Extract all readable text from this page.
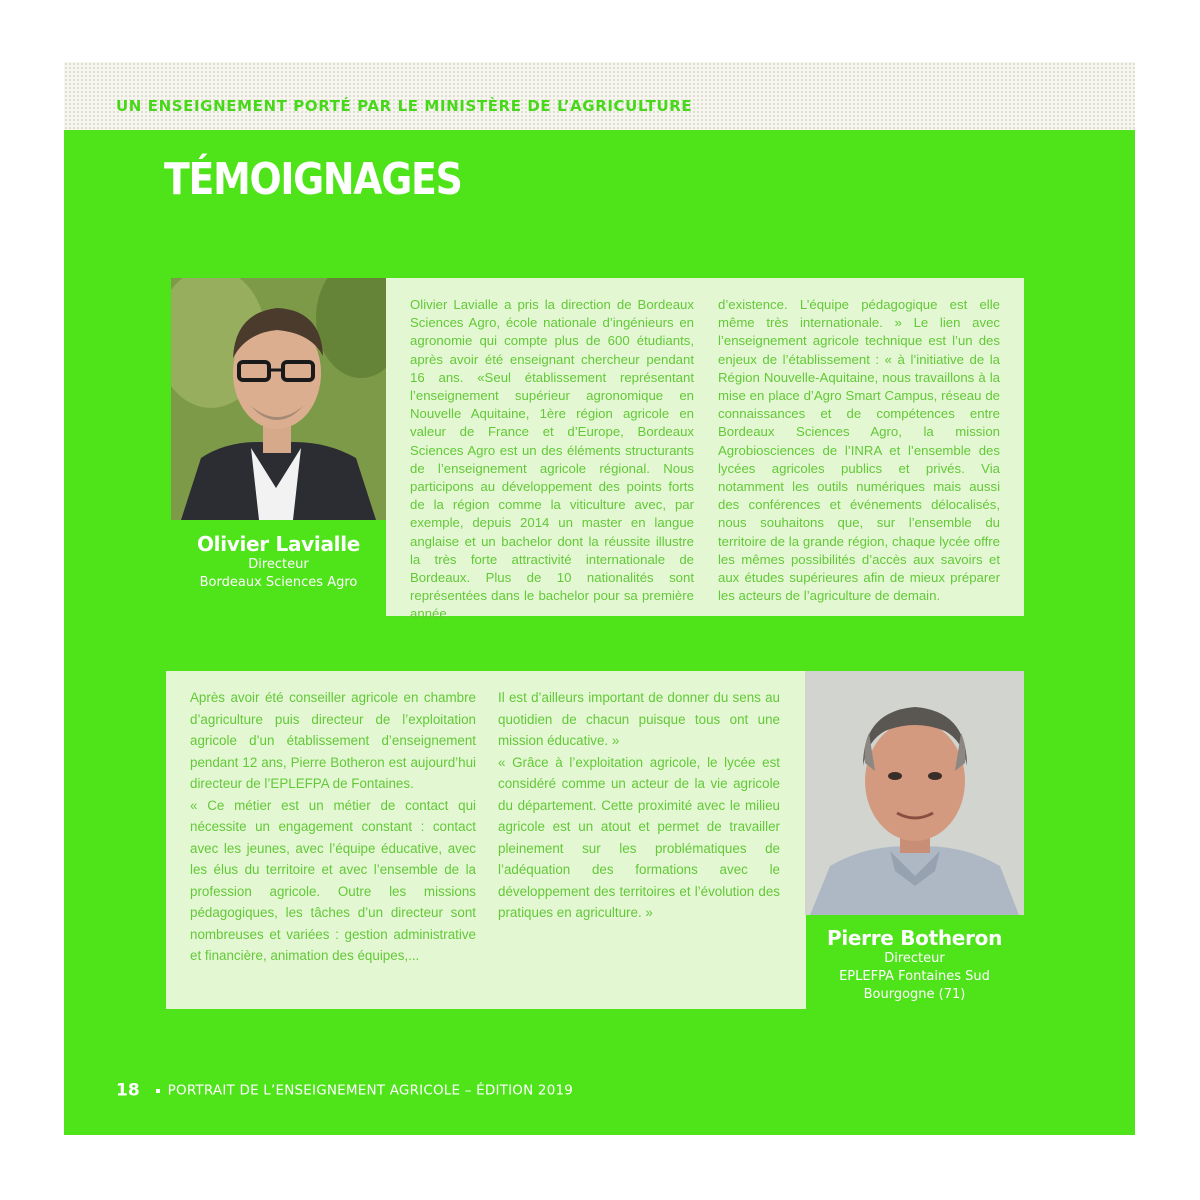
UN ENSEIGNEMENT PORTÉ PAR LE MINISTÈRE DE L’AGRICULTURE
TÉMOIGNAGES
Olivier Lavialle
Directeur
Bordeaux Sciences Agro

Olivier Lavialle a pris la direction de Bordeaux Sciences Agro, école nationale d’ingénieurs en agronomie qui compte plus de 600 étudiants, après avoir été enseignant chercheur pendant 16 ans. «Seul établissement représentant l’enseignement supérieur agronomique en Nouvelle Aquitaine, 1ère région agricole en valeur de France et d’Europe, Bordeaux Sciences Agro est un des éléments structurants de l’enseignement agricole régional. Nous participons au développement des points forts de la région comme la viticulture avec, par exemple, depuis 2014 un master en langue anglaise et un bachelor dont la réussite illustre la très forte attractivité internationale de Bordeaux. Plus de 10 nationalités sont représentées dans le bachelor pour sa première année

d’existence. L’équipe pédagogique est elle même très internationale. » Le lien avec l’enseignement agricole technique est l’un des enjeux de l’établissement : « à l’initiative de la Région Nouvelle-Aquitaine, nous travaillons à la mise en place d’Agro Smart Campus, réseau de connaissances et de compétences entre Bordeaux Sciences Agro, la mission Agrobiosciences de l’INRA et l’ensemble des lycées agricoles publics et privés. Via notamment les outils numériques mais aussi des conférences et événements délocalisés, nous souhaitons que, sur l’ensemble du territoire de la grande région, chaque lycée offre les mêmes possibilités d’accès aux savoirs et aux études supérieures afin de mieux préparer les acteurs de l’agriculture de demain.

Après avoir été conseiller agricole en chambre d’agriculture puis directeur de l’exploitation agricole d’un établissement d’enseignement pendant 12 ans, Pierre Botheron est aujourd’hui directeur de l’EPLEFPA de Fontaines.

« Ce métier est un métier de contact qui nécessite un engagement constant : contact avec les jeunes, avec l’équipe éducative, avec les élus du territoire et avec l’ensemble de la profession agricole. Outre les missions pédagogiques, les tâches d’un directeur sont nombreuses et variées : gestion administrative et financière, animation des équipes,...

Il est d’ailleurs important de donner du sens au quotidien de chacun puisque tous ont une mission éducative. »

« Grâce à l’exploitation agricole, le lycée est considéré comme un acteur de la vie agricole du département. Cette proximité avec le milieu agricole est un atout et permet de travailler pleinement sur les problématiques de l’adéquation des formations avec le développement des territoires et l’évolution des pratiques en agriculture. »

Pierre Botheron
Directeur
EPLEFPA Fontaines Sud
Bourgogne (71)
18 PORTRAIT DE L’ENSEIGNEMENT AGRICOLE – ÉDITION 2019
